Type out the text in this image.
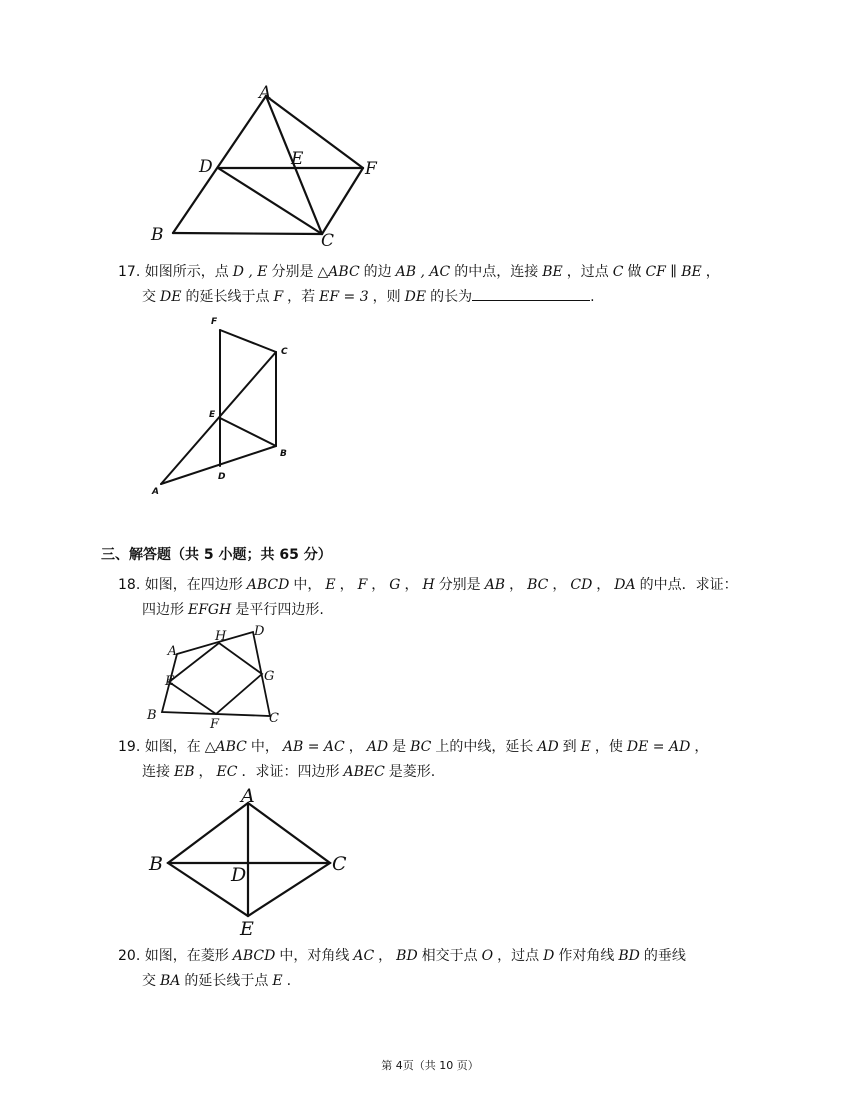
A
D	E	F
B	C
17. 如图所示，点 D , E 分别是 △ABC 的边 AB , AC 的中点，连接 BE ，过点 C 做 CF ∥ BE ，
交 DE 的延长线于点 F ，若 EF = 3 ，则 DE 的长为	.
F
C
E
B
D
A
三、解答题（共 5 小题；共 65 分）
18. 如图，在四边形 ABCD 中， E ， F ， G ， H 分别是 AB ， BC ， CD ， DA 的中点．求证：
四边形 EFGH 是平行四边形.
A
H D
E	G
B
F	C
19. 如图，在 △ABC 中， AB = AC ， AD 是 BC 上的中线，延长 AD 到 E ，使 DE = AD ，
连接 EB ， EC ．求证：四边形 ABEC 是菱形.
A
B	C
D
E
20. 如图，在菱形 ABCD 中，对角线 AC ， BD 相交于点 O ，过点 D 作对角线 BD 的垂线
交 BA 的延长线于点 E .
第 4页（共 10 页）
